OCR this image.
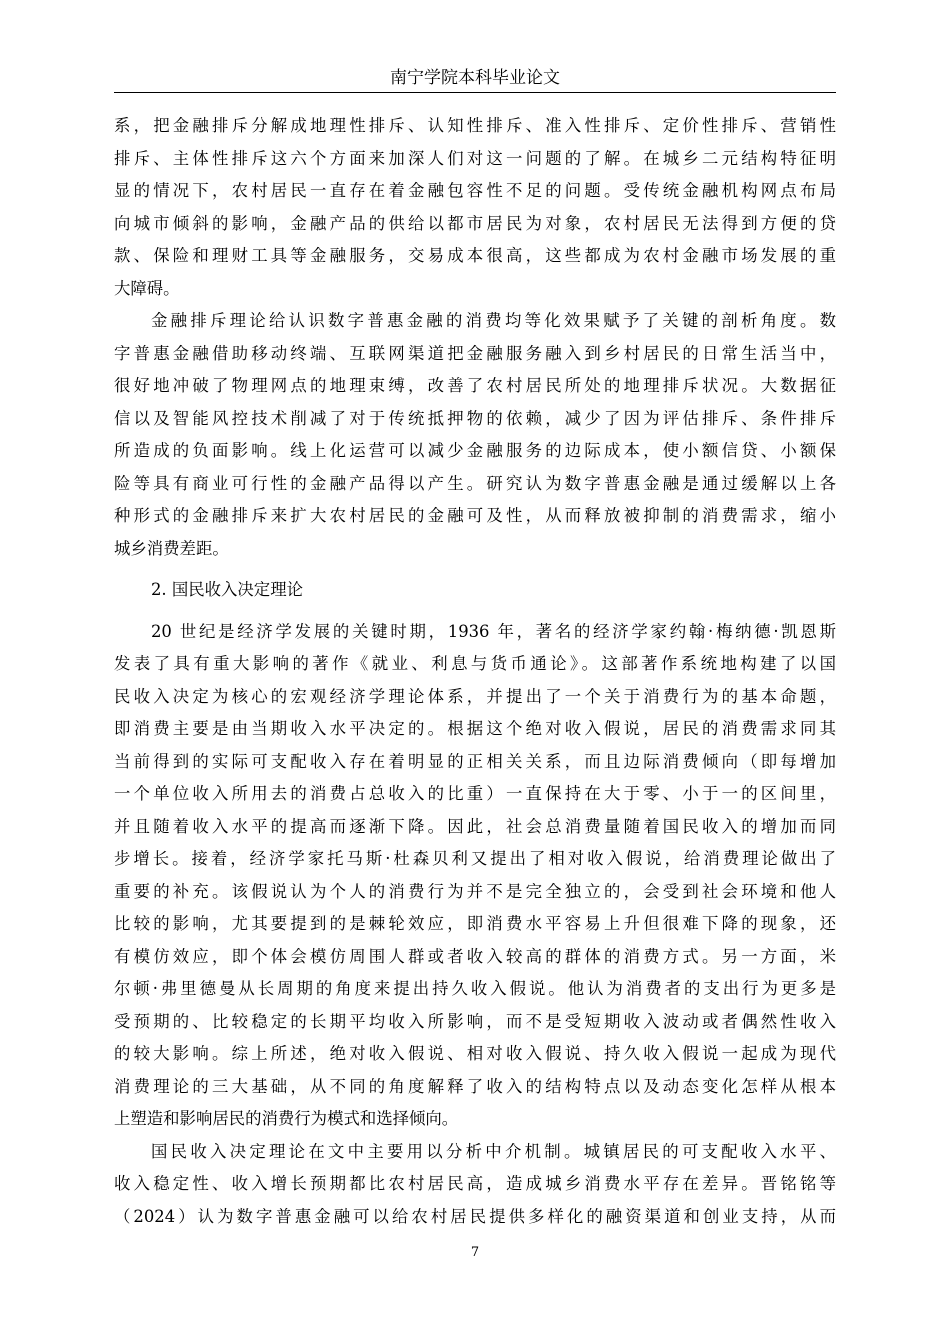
南宁学院本科毕业论文
系，把金融排斥分解成地理性排斥、认知性排斥、准入性排斥、定价性排斥、营销性
排斥、主体性排斥这六个方面来加深人们对这一问题的了解。在城乡二元结构特征明
显的情况下，农村居民一直存在着金融包容性不足的问题。受传统金融机构网点布局
向城市倾斜的影响，金融产品的供给以都市居民为对象，农村居民无法得到方便的贷
款、保险和理财工具等金融服务，交易成本很高，这些都成为农村金融市场发展的重
大障碍。
金融排斥理论给认识数字普惠金融的消费均等化效果赋予了关键的剖析角度。数
字普惠金融借助移动终端、互联网渠道把金融服务融入到乡村居民的日常生活当中，
很好地冲破了物理网点的地理束缚，改善了农村居民所处的地理排斥状况。大数据征
信以及智能风控技术削减了对于传统抵押物的依赖，减少了因为评估排斥、条件排斥
所造成的负面影响。线上化运营可以减少金融服务的边际成本，使小额信贷、小额保
险等具有商业可行性的金融产品得以产生。研究认为数字普惠金融是通过缓解以上各
种形式的金融排斥来扩大农村居民的金融可及性，从而释放被抑制的消费需求，缩小
城乡消费差距。
2. 国民收入决定理论
20 世纪是经济学发展的关键时期，1936 年，著名的经济学家约翰·梅纳德·凯恩斯
发表了具有重大影响的著作《就业、利息与货币通论》。这部著作系统地构建了以国
民收入决定为核心的宏观经济学理论体系，并提出了一个关于消费行为的基本命题，
即消费主要是由当期收入水平决定的。根据这个绝对收入假说，居民的消费需求同其
当前得到的实际可支配收入存在着明显的正相关关系，而且边际消费倾向（即每增加
一个单位收入所用去的消费占总收入的比重）一直保持在大于零、小于一的区间里，
并且随着收入水平的提高而逐渐下降。因此，社会总消费量随着国民收入的增加而同
步增长。接着，经济学家托马斯·杜森贝利又提出了相对收入假说，给消费理论做出了
重要的补充。该假说认为个人的消费行为并不是完全独立的，会受到社会环境和他人
比较的影响，尤其要提到的是棘轮效应，即消费水平容易上升但很难下降的现象，还
有模仿效应，即个体会模仿周围人群或者收入较高的群体的消费方式。另一方面，米
尔顿·弗里德曼从长周期的角度来提出持久收入假说。他认为消费者的支出行为更多是
受预期的、比较稳定的长期平均收入所影响，而不是受短期收入波动或者偶然性收入
的较大影响。综上所述，绝对收入假说、相对收入假说、持久收入假说一起成为现代
消费理论的三大基础，从不同的角度解释了收入的结构特点以及动态变化怎样从根本
上塑造和影响居民的消费行为模式和选择倾向。
国民收入决定理论在文中主要用以分析中介机制。城镇居民的可支配收入水平、
收入稳定性、收入增长预期都比农村居民高，造成城乡消费水平存在差异。晋铭铭等
（2024）认为数字普惠金融可以给农村居民提供多样化的融资渠道和创业支持，从而
7
